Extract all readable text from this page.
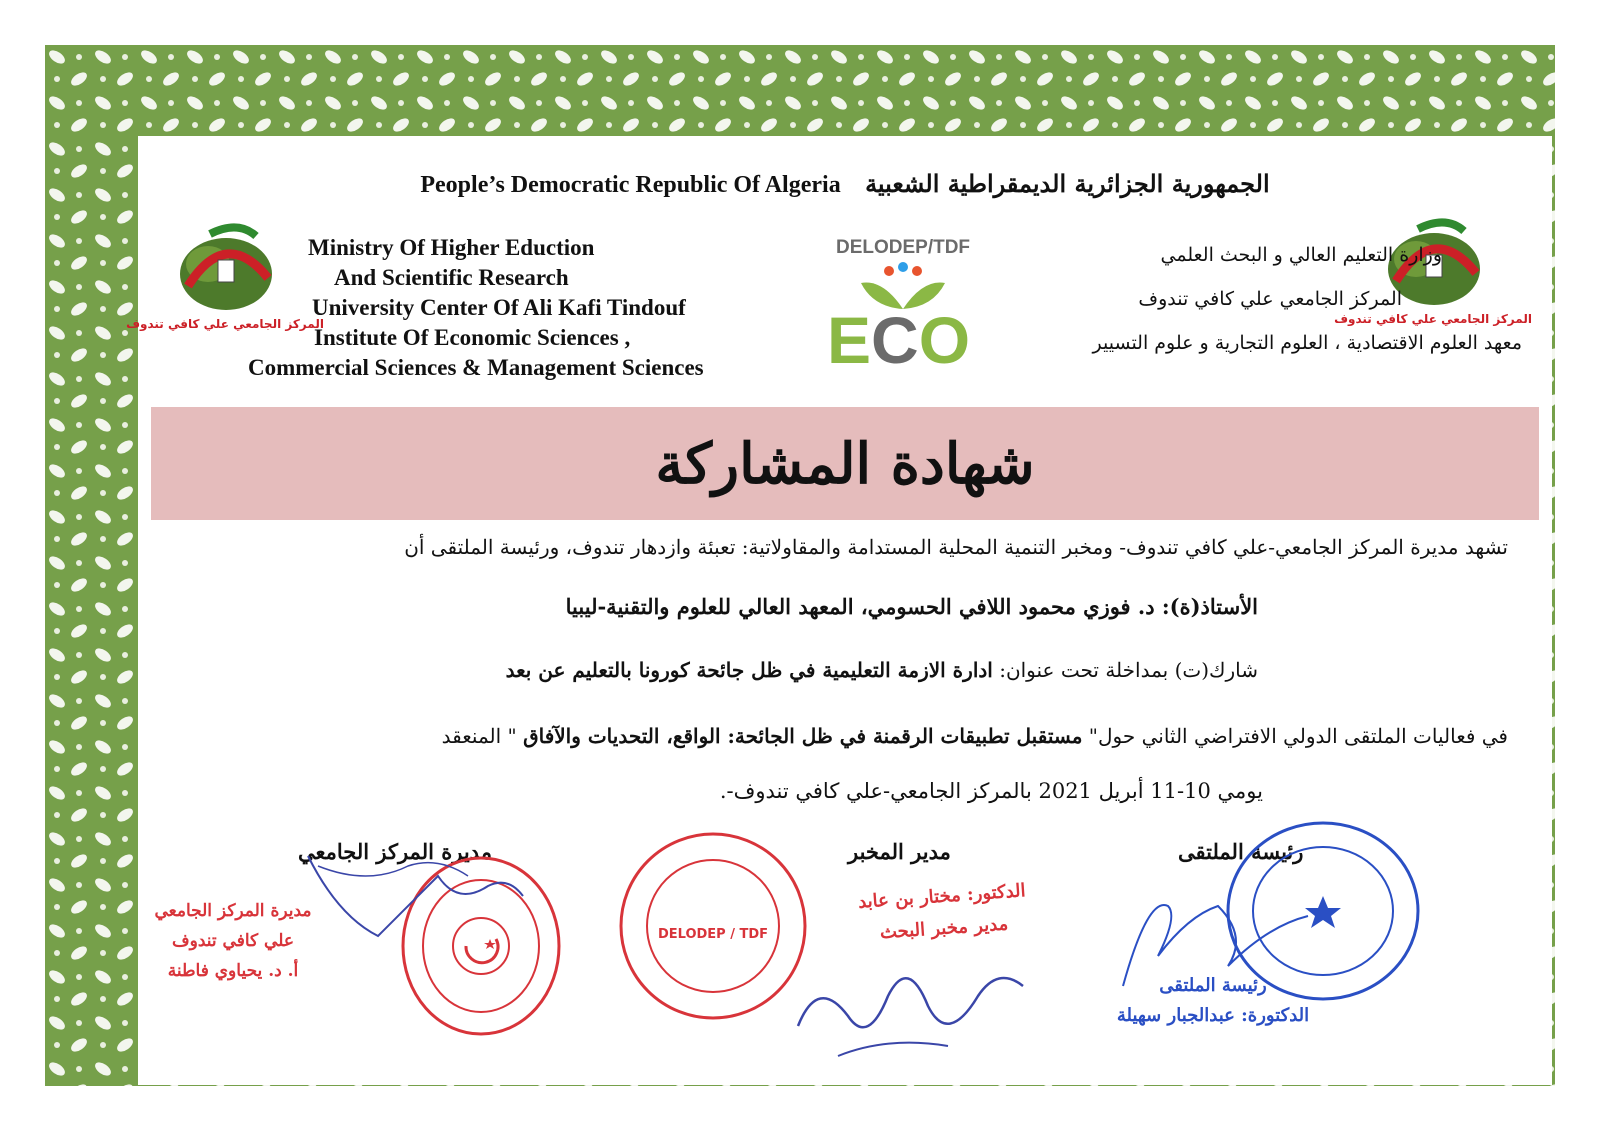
People’s Democratic Republic Of Algeria الجمهورية الجزائرية الديمقراطية الشعبية
المركز الجامعي علي كافي تندوف	المركز الجامعي علي كافي تندوف
Ministry Of Higher Eduction
And Scientific Research
University Center Of Ali Kafi Tindouf
Institute Of Economic Sciences ,
Commercial Sciences & Management Sciences
DELODEP/TDF
ECO
وزارة التعليم العالي و البحث العلمي
المركز الجامعي علي كافي تندوف
معهد العلوم الاقتصادية ، العلوم التجارية و علوم التسيير
شهادة المشاركة
تشهد مديرة المركز الجامعي-علي كافي تندوف- ومخبر التنمية المحلية المستدامة والمقاولاتية: تعبئة وازدهار تندوف، ورئيسة الملتقى أن
الأستاذ(ة): د. فوزي محمود اللافي الحسومي، المعهد العالي للعلوم والتقنية-ليبيا
شارك(ت) بمداخلة تحت عنوان: ادارة الازمة التعليمية في ظل جائحة كورونا بالتعليم عن بعد
في فعاليات الملتقى الدولي الافتراضي الثاني حول" مستقبل تطبيقات الرقمنة في ظل الجائحة: الواقع، التحديات والآفاق " المنعقد
يومي 10-11 أبريل 2021 بالمركز الجامعي-علي كافي تندوف-.
مديرة المركز الجامعي	مدير المخبر	رئيسة الملتقى
مديرة المركز الجامعي
علي كافي تندوف
أ. د. يحياوي فاطنة
DELODEP / TDF
الدكتور: مختار بن عابد
مدير مخبر البحث
رئيسة الملتقى
الدكتورة: عبدالجبار سهيلة
